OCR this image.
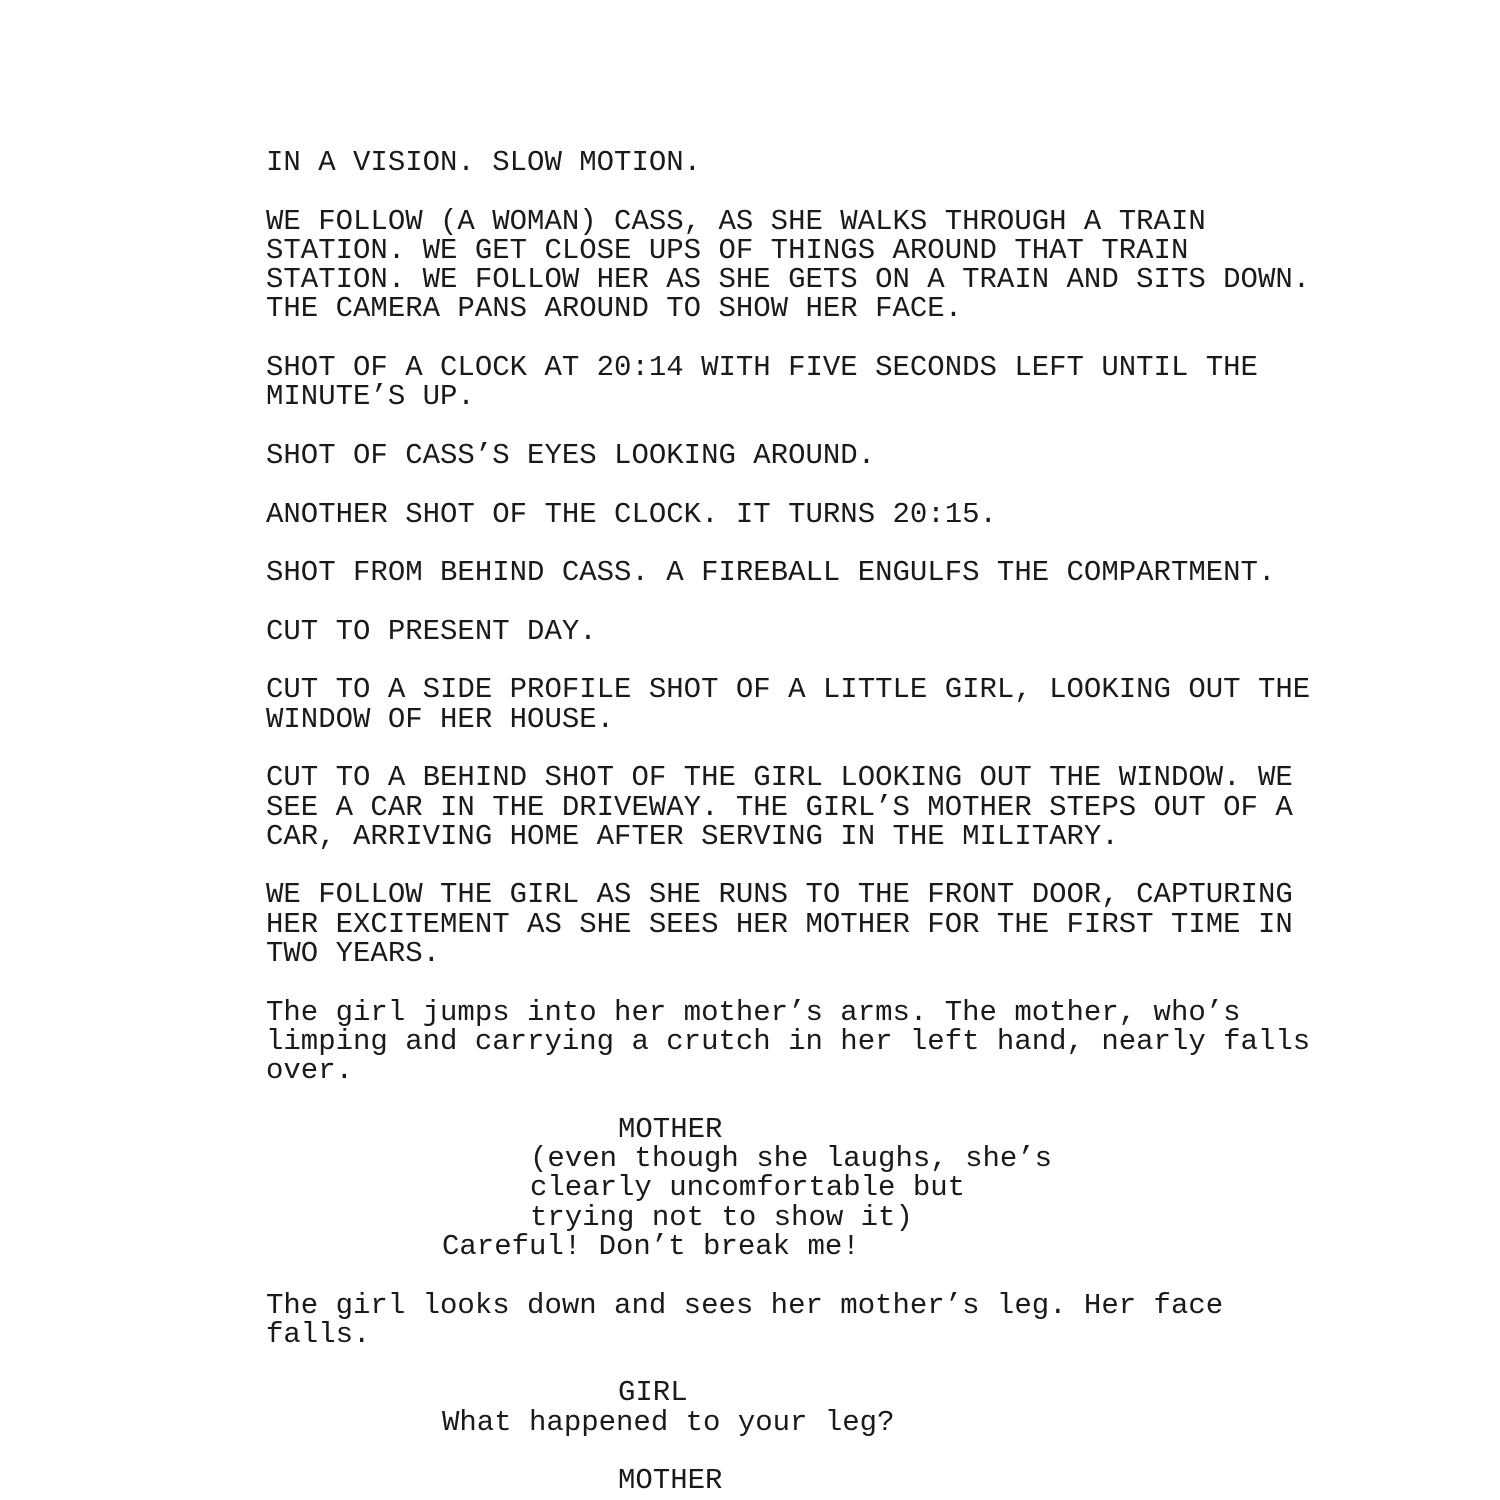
IN A VISION. SLOW MOTION.
WE FOLLOW (A WOMAN) CASS, AS SHE WALKS THROUGH A TRAIN
STATION. WE GET CLOSE UPS OF THINGS AROUND THAT TRAIN
STATION. WE FOLLOW HER AS SHE GETS ON A TRAIN AND SITS DOWN.
THE CAMERA PANS AROUND TO SHOW HER FACE.
SHOT OF A CLOCK AT 20:14 WITH FIVE SECONDS LEFT UNTIL THE
MINUTE’S UP.
SHOT OF CASS’S EYES LOOKING AROUND.
ANOTHER SHOT OF THE CLOCK. IT TURNS 20:15.
SHOT FROM BEHIND CASS. A FIREBALL ENGULFS THE COMPARTMENT.
CUT TO PRESENT DAY.
CUT TO A SIDE PROFILE SHOT OF A LITTLE GIRL, LOOKING OUT THE
WINDOW OF HER HOUSE.
CUT TO A BEHIND SHOT OF THE GIRL LOOKING OUT THE WINDOW. WE
SEE A CAR IN THE DRIVEWAY. THE GIRL’S MOTHER STEPS OUT OF A
CAR, ARRIVING HOME AFTER SERVING IN THE MILITARY.
WE FOLLOW THE GIRL AS SHE RUNS TO THE FRONT DOOR, CAPTURING
HER EXCITEMENT AS SHE SEES HER MOTHER FOR THE FIRST TIME IN
TWO YEARS.
The girl jumps into her mother’s arms. The mother, who’s
limping and carrying a crutch in her left hand, nearly falls
over.
MOTHER
(even though she laughs, she’s
clearly uncomfortable but
trying not to show it)
Careful! Don’t break me!
The girl looks down and sees her mother’s leg. Her face
falls.
GIRL
What happened to your leg?
MOTHER
